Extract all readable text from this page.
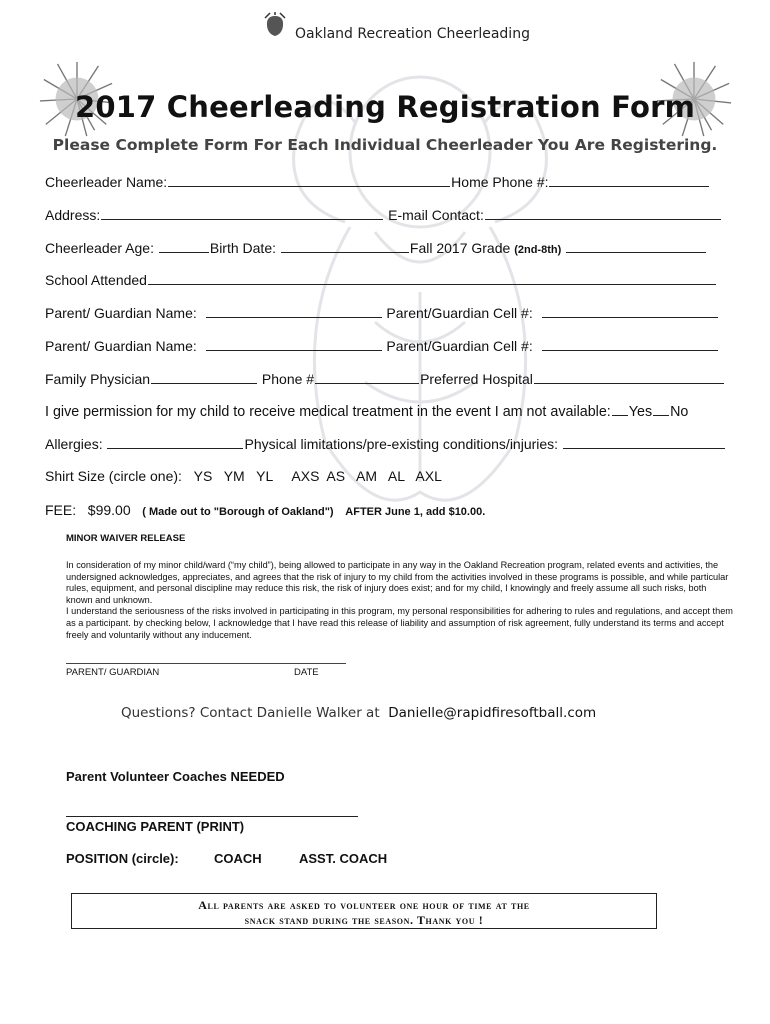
Oakland Recreation Cheerleading
2017 Cheerleading Registration Form
Please Complete Form For Each Individual Cheerleader You Are Registering.
Cheerleader Name:	Home Phone #:
Address:	E-mail Contact:
Cheerleader Age:	Birth Date:	Fall 2017 Grade (2nd-8th)
School Attended
Parent/ Guardian Name:	Parent/Guardian Cell #:
Parent/ Guardian Name:	Parent/Guardian Cell #:
Family Physician	Phone #	Preferred Hospital
I give permission for my child to receive medical treatment in the event I am not available: Yes No
Allergies:	Physical limitations/pre-existing conditions/injuries:
Shirt Size (circle one): YS   YM   YL     AXS  AS   AM   AL   AXL
FEE: $99.00 ( Made out to "Borough of Oakland") AFTER June 1, add $10.00.
MINOR WAIVER RELEASE
In consideration of my minor child/ward (“my child”), being allowed to participate in any way in the Oakland Recreation program, related events and activities, the undersigned acknowledges, appreciates, and agrees that the risk of injury to my child from the activities involved in these programs is possible, and while particular rules, equipment, and personal discipline may reduce this risk, the risk of injury does exist; and for my child, I knowingly and freely assume all such risks, both known and unknown.
I understand the seriousness of the risks involved in participating in this program, my personal responsibilities for adhering to rules and regulations, and accept them as a participant. by checking below, I acknowledge that I have read this release of liability and assumption of risk agreement, fully understand its terms and accept freely and voluntarily without any inducement.
PARENT/ GUARDIAN	DATE
Questions? Contact Danielle Walker at Danielle@rapidfiresoftball.com
Parent Volunteer Coaches NEEDED
COACHING PARENT (PRINT)
POSITION (circle):	COACH	ASST. COACH
All parents are asked to volunteer one hour of time at the
snack stand during the season. Thank you !
